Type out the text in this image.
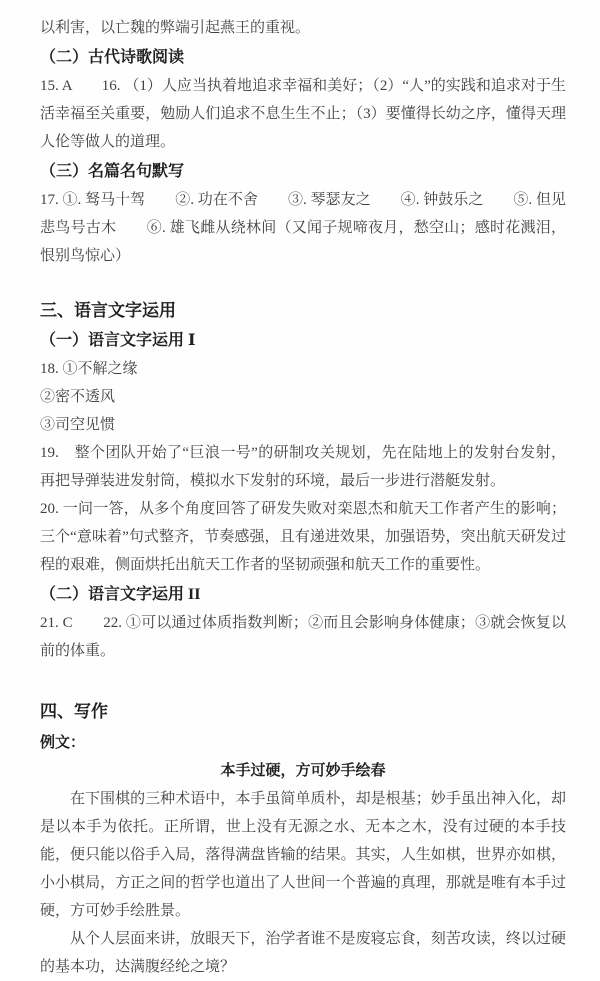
以利害，以亡魏的弊端引起燕王的重视。

（二）古代诗歌阅读

15. A　　16. （1）人应当执着地追求幸福和美好；（2）“人”的实践和追求对于生活幸福至关重要，勉励人们追求不息生生不止；（3）要懂得长幼之序，懂得天理人伦等做人的道理。

（三）名篇名句默写

17. ①. 驽马十驾　　②. 功在不舍　　③. 琴瑟友之　　④. 钟鼓乐之　　⑤. 但见悲鸟号古木　　⑥. 雄飞雌从绕林间（又闻子规啼夜月，愁空山；感时花溅泪，恨别鸟惊心）

三、语言文字运用
（一）语言文字运用 Ⅰ

18. ①不解之缘

②密不透风

③司空见惯

19.　整个团队开始了“巨浪一号”的研制攻关规划，先在陆地上的发射台发射，再把导弹装进发射筒，模拟水下发射的环境，最后一步进行潜艇发射。

20. 一问一答，从多个角度回答了研发失败对栾恩杰和航天工作者产生的影响；三个“意味着”句式整齐，节奏感强，且有递进效果，加强语势，突出航天研发过程的艰难，侧面烘托出航天工作者的坚韧顽强和航天工作的重要性。

（二）语言文字运用 II

21. C　　22. ①可以通过体质指数判断；②而且会影响身体健康；③就会恢复以前的体重。

四、写作

例文：

本手过硬，方可妙手绘春

在下围棋的三种术语中，本手虽简单质朴，却是根基；妙手虽出神入化，却是以本手为依托。正所谓，世上没有无源之水、无本之木，没有过硬的本手技能，便只能以俗手入局，落得满盘皆输的结果。其实，人生如棋，世界亦如棋，小小棋局，方正之间的哲学也道出了人世间一个普遍的真理，那就是唯有本手过硬，方可妙手绘胜景。

从个人层面来讲，放眼天下，治学者谁不是废寝忘食，刻苦攻读，终以过硬的基本功，达满腹经纶之境？
